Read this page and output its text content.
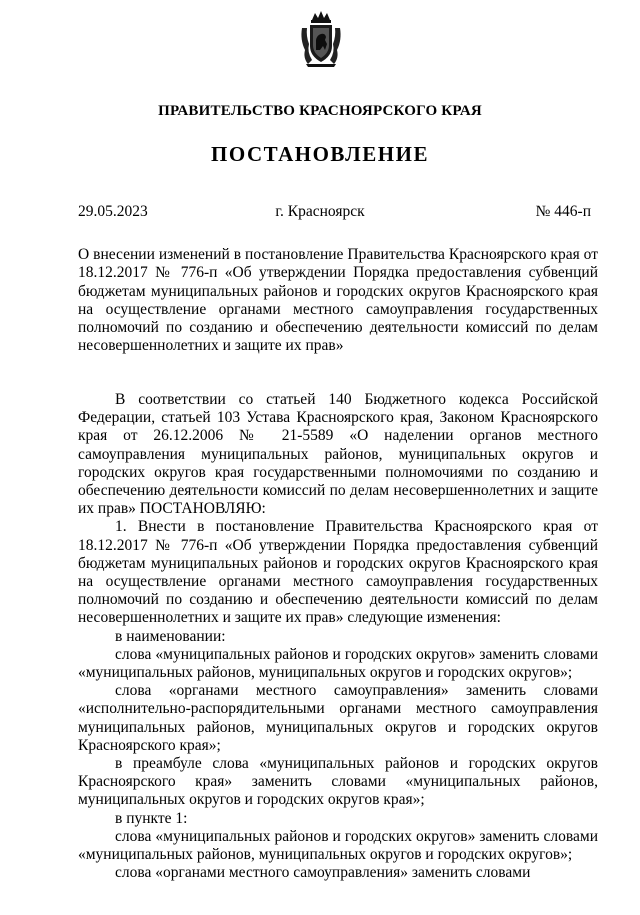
ПРАВИТЕЛЬСТВО КРАСНОЯРСКОГО КРАЯ
ПОСТАНОВЛЕНИЕ
29.05.2023	г. Красноярск	№ 446-п
О внесении изменений в постановление Правительства Красноярского края от 18.12.2017 № 776-п «Об утверждении Порядка предоставления субвенций бюджетам муниципальных районов и городских округов Красноярского края на осуществление органами местного самоуправления государственных полномочий по созданию и обеспечению деятельности комиссий по делам несовершеннолетних и защите их прав»

В соответствии со статьей 140 Бюджетного кодекса Российской Федерации, статьей 103 Устава Красноярского края, Законом Красноярского края от 26.12.2006 № 21-5589 «О наделении органов местного самоуправления муниципальных районов, муниципальных округов и городских округов края государственными полномочиями по созданию и обеспечению деятельности комиссий по делам несовершеннолетних и защите их прав» ПОСТАНОВЛЯЮ:

1. Внести в постановление Правительства Красноярского края от 18.12.2017 № 776-п «Об утверждении Порядка предоставления субвенций бюджетам муниципальных районов и городских округов Красноярского края на осуществление органами местного самоуправления государственных полномочий по созданию и обеспечению деятельности комиссий по делам несовершеннолетних и защите их прав» следующие изменения:

в наименовании:

слова «муниципальных районов и городских округов» заменить словами «муниципальных районов, муниципальных округов и городских округов»;

слова «органами местного самоуправления» заменить словами «исполнительно-распорядительными органами местного самоуправления муниципальных районов, муниципальных округов и городских округов Красноярского края»;

в преамбуле слова «муниципальных районов и городских округов Красноярского края» заменить словами «муниципальных районов, муниципальных округов и городских округов края»;

в пункте 1:

слова «муниципальных районов и городских округов» заменить словами «муниципальных районов, муниципальных округов и городских округов»;

слова «органами местного самоуправления» заменить словами
